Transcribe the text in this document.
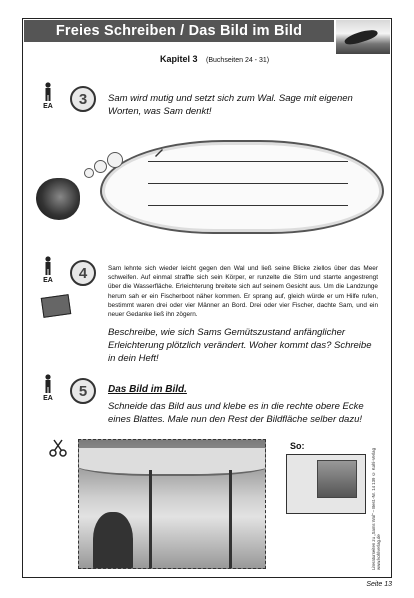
Freies Schreiben / Das Bild im Bild
Kapitel 3 (Buchseiten 24 - 31)
EA	3	Sam wird mutig und setzt sich zum Wal. Sage mit eigenen Worten, was Sam denkt!
EA	4	Sam lehnte sich wieder leicht gegen den Wal und ließ seine Blicke ziellos über das Meer schweifen. Auf einmal straffte sich sein Körper, er runzelte die Stirn und starrte angestrengt über die Wasserfläche. Erleichterung breitete sich auf seinem Gesicht aus. Um die Landzunge herum sah er ein Fischerboot näher kommen. Er sprang auf, gleich würde er um Hilfe rufen, bestimmt waren drei oder vier Männer an Bord. Drei oder vier Fischer, dachte Sam, und ein neuer Gedanke ließ ihn zögern.
Beschreibe, wie sich Sams Gemütszustand anfänglicher Erleichterung plötzlich verändert. Woher kommt das? Schreibe in dein Heft!
EA	5	Das Bild im Bild.
Schneide das Bild aus und klebe es in die rechte obere Ecke eines Blattes. Male nun den Rest der Bildfläche selber dazu!
So:
Literaturseiten zu „Sams Wal" – Best.-Nr. 14 139 © Kohl-Verlag www.kohlverlag.de
Seite 13
